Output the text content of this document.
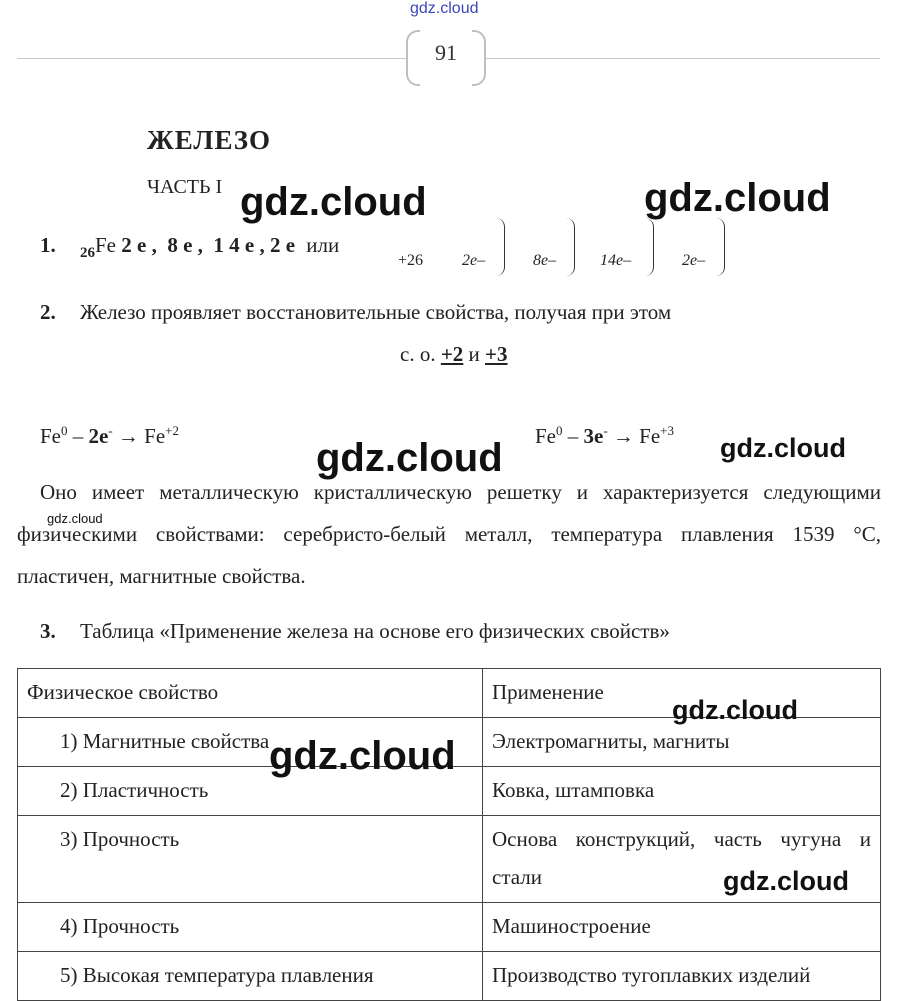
91
ЖЕЛЕЗО
ЧАСТЬ I
1. $_{26}$Fe 2 е ,  8 е ,  1 4 е , 2 е или
+26 2е–	8е–	14е–	2е–
2. Железо проявляет восстановительные свойства, получая при этом
с. о. +2 и +3
$Fe^0 - 2е^- \to Fe^{+2}$	$Fe^0 - 3е^- \to Fe^{+3}$
Оно имеет металлическую кристаллическую решетку и характеризуется следующими физическими свойствами: серебристо-белый металл, температура плавления 1539 °С, пластичен, магнитные свойства.
3. Таблица «Применение железа на основе его физических свойств»
Физическое свойство	Применение
1) Магнитные свойства	Электромагниты, магниты
2) Пластичность	Ковка, штамповка
3) Прочность	Основа конструкций, часть чугуна и стали
4) Прочность	Машиностроение
5) Высокая температура плавления	Производство тугоплавких изделий
gdz.cloud
gdz.cloud	gdz.cloud
gdz.cloud	gdz.cloud
gdz.cloud
gdz.cloud
gdz.cloud
gdz.cloud
